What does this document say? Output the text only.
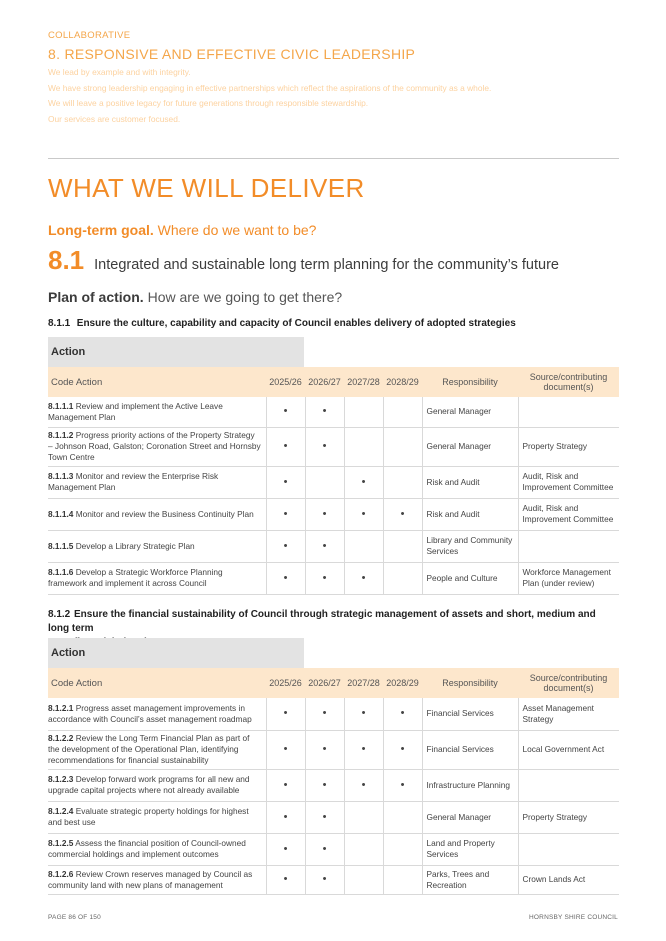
COLLABORATIVE
8. RESPONSIVE AND EFFECTIVE CIVIC LEADERSHIP
We lead by example and with integrity.
We have strong leadership engaging in effective partnerships which reflect the aspirations of the community as a whole.
We will leave a positive legacy for future generations through responsible stewardship.
Our services are customer focused.
WHAT WE WILL DELIVER
Long-term goal. Where do we want to be?
8.1 Integrated and sustainable long term planning for the community’s future
Plan of action. How are we going to get there?
8.1.1 Ensure the culture, capability and capacity of Council enables delivery of adopted strategies
Action
Code Action	2025/26	2026/27	2027/28	2028/29	Responsibility	Source/contributing document(s)
8.1.1.1 Review and implement the Active Leave Management Plan	•	•			General Manager	
8.1.1.2 Progress priority actions of the Property Strategy – Johnson Road, Galston; Coronation Street and Hornsby Town Centre	•	•			General Manager	Property Strategy
8.1.1.3 Monitor and review the Enterprise Risk Management Plan	•		•		Risk and Audit	Audit, Risk and Improvement Committee
8.1.1.4 Monitor and review the Business Continuity Plan	•	•	•	•	Risk and Audit	Audit, Risk and Improvement Committee
8.1.1.5 Develop a Library Strategic Plan	•	•			Library and Community Services	
8.1.1.6 Develop a Strategic Workforce Planning framework and implement it across Council	•	•	•		People and Culture	Workforce Management Plan (under review)
8.1.2 Ensure the financial sustainability of Council through strategic management of assets and short, medium and long term
Action
Code Action	2025/26	2026/27	2027/28	2028/29	Responsibility	Source/contributing document(s)
8.1.2.1 Progress asset management improvements in accordance with Council’s asset management roadmap	•	•	•	•	Financial Services	Asset Management Strategy
8.1.2.2 Review the Long Term Financial Plan as part of the development of the Operational Plan, identifying recommendations for financial sustainability	•	•	•	•	Financial Services	Local Government Act
8.1.2.3 Develop forward work programs for all new and upgrade capital projects where not already available	•	•	•	•	Infrastructure Planning	
8.1.2.4 Evaluate strategic property holdings for highest and best use	•	•			General Manager	Property Strategy
8.1.2.5 Assess the financial position of Council-owned commercial holdings and implement outcomes	•	•			Land and Property Services	
8.1.2.6 Review Crown reserves managed by Council as community land with new plans of management	•	•			Parks, Trees and Recreation	Crown Lands Act
PAGE 86 OF 150	HORNSBY SHIRE COUNCIL
